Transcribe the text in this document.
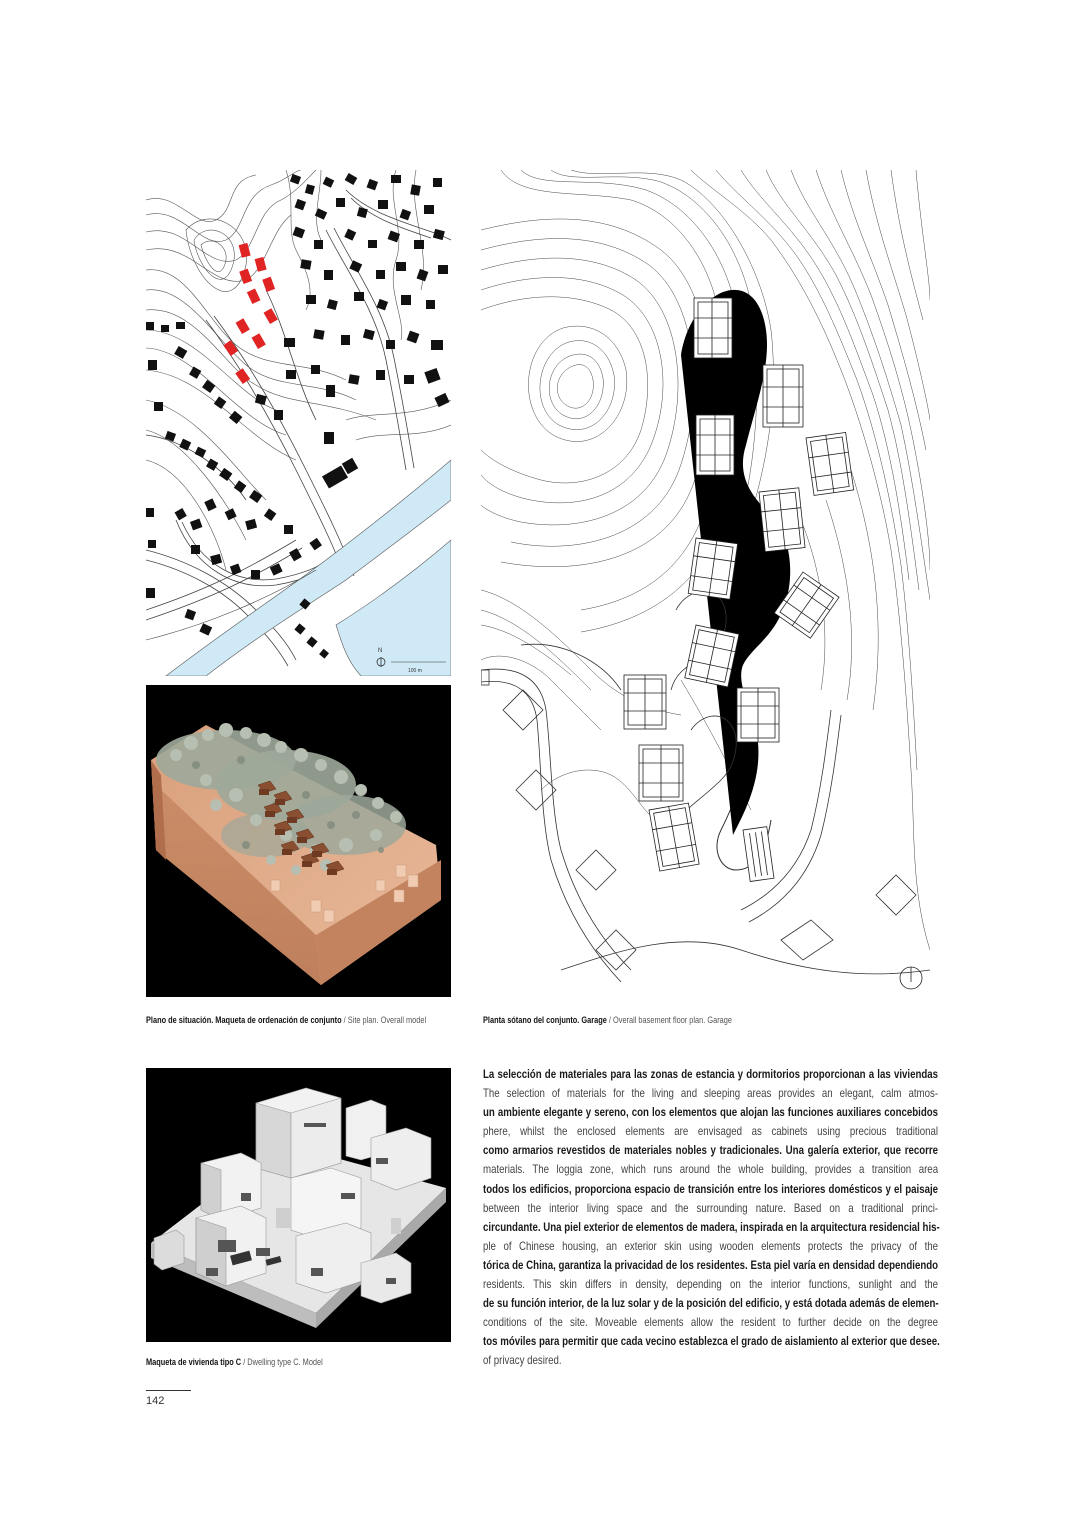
N
100 m
Plano de situación. Maqueta de ordenación de conjunto / Site plan. Overall model	Planta sótano del conjunto. Garage / Overall basement floor plan. Garage
Maqueta de vivienda tipo C / Dwelling type C. Model
La selección de materiales para las zonas de estancia y dormitorios proporcionan a las viviendas
The selection of materials for the living and sleeping areas provides an elegant, calm atmos-
un ambiente elegante y sereno, con los elementos que alojan las funciones auxiliares concebidos
phere, whilst the enclosed elements are envisaged as cabinets using precious traditional
como armarios revestidos de materiales nobles y tradicionales. Una galería exterior, que recorre
materials. The loggia zone, which runs around the whole building, provides a transition area
todos los edificios, proporciona espacio de transición entre los interiores domésticos y el paisaje
between the interior living space and the surrounding nature. Based on a traditional princi-
circundante. Una piel exterior de elementos de madera, inspirada en la arquitectura residencial his-
ple of Chinese housing, an exterior skin using wooden elements protects the privacy of the
tórica de China, garantiza la privacidad de los residentes. Esta piel varía en densidad dependiendo
residents. This skin differs in density, depending on the interior functions, sunlight and the
de su función interior, de la luz solar y de la posición del edificio, y está dotada además de elemen-
conditions of the site. Moveable elements allow the resident to further decide on the degree
tos móviles para permitir que cada vecino establezca el grado de aislamiento al exterior que desee.
of privacy desired.
142
